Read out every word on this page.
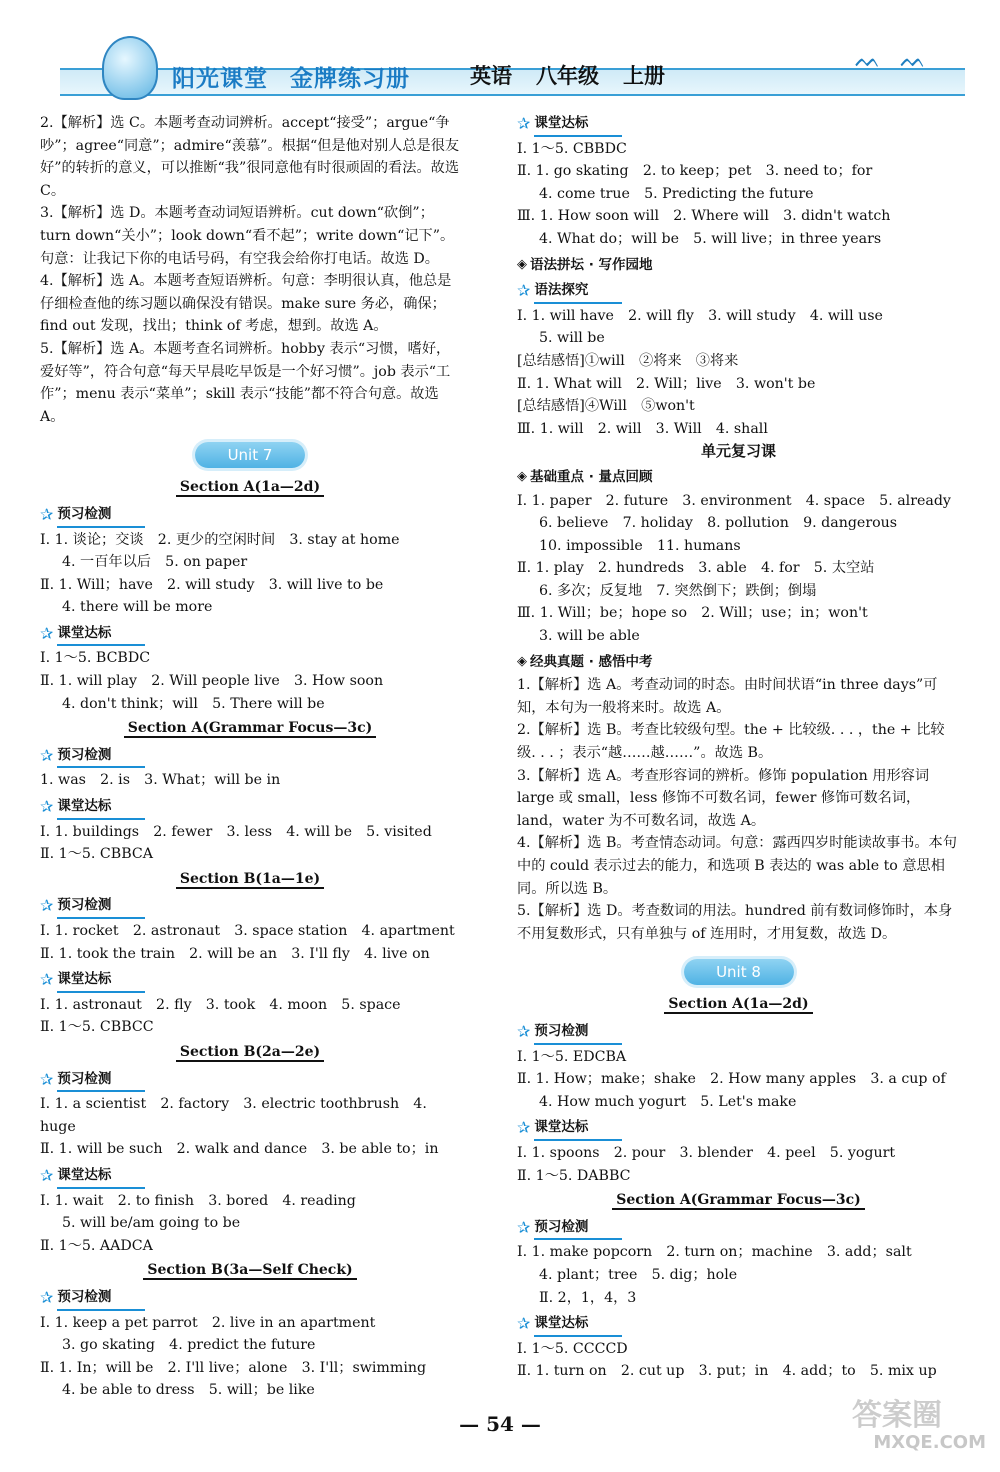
阳光课堂 金牌练习册	英语 八年级 上册
ᨓ ᨓ

2.【解析】选 C。本题考查动词辨析。accept“接受”；argue“争吵”；agree“同意”；admire“羡慕”。根据“但是他对别人总是很友好”的转折的意义，可以推断“我”很同意他有时很顽固的看法。故选 C。

3.【解析】选 D。本题考查动词短语辨析。cut down“砍倒”；turn down“关小”；look down“看不起”；write down“记下”。句意：让我记下你的电话号码，有空我会给你打电话。故选 D。

4.【解析】选 A。本题考查短语辨析。句意：李明很认真，他总是仔细检查他的练习题以确保没有错误。make sure 务必，确保；find out 发现，找出；think of 考虑，想到。故选 A。

5.【解析】选 A。本题考查名词辨析。hobby 表示“习惯，嗜好，爱好等”，符合句意“每天早晨吃早饭是一个好习惯”。job 表示“工作”；menu 表示“菜单”；skill 表示“技能”都不符合句意。故选 A。

Unit 7
Section A(1a—2d)
✰ 预习检测

Ⅰ. 1. 谈论；交谈　2. 更少的空闲时间　3. stay at home

4. 一百年以后　5. on paper

Ⅱ. 1. Will；have　2. will study　3. will live to be

4. there will be more

✰ 课堂达标

Ⅰ. 1～5. BCBDC

Ⅱ. 1. will play　2. Will people live　3. How soon

4. don't think；will　5. There will be

Section A(Grammar Focus—3c)
✰ 预习检测

1. was　2. is　3. What；will be in

✰ 课堂达标

Ⅰ. 1. buildings　2. fewer　3. less　4. will be　5. visited

Ⅱ. 1～5. CBBCA

Section B(1a—1e)
✰ 预习检测

Ⅰ. 1. rocket　2. astronaut　3. space station　4. apartment

Ⅱ. 1. took the train　2. will be an　3. I'll fly　4. live on

✰ 课堂达标

Ⅰ. 1. astronaut　2. fly　3. took　4. moon　5. space

Ⅱ. 1～5. CBBCC

Section B(2a—2e)
✰ 预习检测

Ⅰ. 1. a scientist　2. factory　3. electric toothbrush　4. huge

Ⅱ. 1. will be such　2. walk and dance　3. be able to；in

✰ 课堂达标

Ⅰ. 1. wait　2. to finish　3. bored　4. reading

5. will be/am going to be

Ⅱ. 1～5. AADCA

Section B(3a—Self Check)
✰ 预习检测

Ⅰ. 1. keep a pet parrot　2. live in an apartment

3. go skating　4. predict the future

Ⅱ. 1. In；will be　2. I'll live；alone　3. I'll；swimming

4. be able to dress　5. will；be like

✰ 课堂达标

Ⅰ. 1～5. CBBDC

Ⅱ. 1. go skating　2. to keep；pet　3. need to；for

4. come true　5. Predicting the future

Ⅲ. 1. How soon will　2. Where will　3. didn't watch

4. What do；will be　5. will live；in three years

◈ 语法拼坛 · 写作园地
✰ 语法探究

Ⅰ. 1. will have　2. will fly　3. will study　4. will use

5. will be

[总结感悟]①will　②将来　③将来

Ⅱ. 1. What will　2. Will；live　3. won't be

[总结感悟]④Will　⑤won't

Ⅲ. 1. will　2. will　3. Will　4. shall

单元复习课
◈ 基础重点 · 量点回顾

Ⅰ. 1. paper　2. future　3. environment　4. space　5. already

6. believe　7. holiday　8. pollution　9. dangerous

10. impossible　11. humans

Ⅱ. 1. play　2. hundreds　3. able　4. for　5. 太空站

6. 多次；反复地　7. 突然倒下；跌倒；倒塌

Ⅲ. 1. Will；be；hope so　2. Will；use；in；won't

3. will be able

◈ 经典真题 · 感悟中考

1.【解析】选 A。考查动词的时态。由时间状语“in three days”可知，本句为一般将来时。故选 A。

2.【解析】选 B。考查比较级句型。the + 比较级. . . ，the + 比较级. . . ；表示“越……越……”。故选 B。

3.【解析】选 A。考查形容词的辨析。修饰 population 用形容词 large 或 small，less 修饰不可数名词，fewer 修饰可数名词，land，water 为不可数名词，故选 A。

4.【解析】选 B。考查情态动词。句意：露西四岁时能读故事书。本句中的 could 表示过去的能力，和选项 B 表达的 was able to 意思相同。所以选 B。

5.【解析】选 D。考查数词的用法。hundred 前有数词修饰时，本身不用复数形式，只有单独与 of 连用时，才用复数，故选 D。

Unit 8
Section A(1a—2d)
✰ 预习检测

Ⅰ. 1～5. EDCBA

Ⅱ. 1. How；make；shake　2. How many apples　3. a cup of

4. How much yogurt　5. Let's make

✰ 课堂达标

Ⅰ. 1. spoons　2. pour　3. blender　4. peel　5. yogurt

Ⅱ. 1～5. DABBC

Section A(Grammar Focus—3c)
✰ 预习检测

Ⅰ. 1. make popcorn　2. turn on；machine　3. add；salt

4. plant；tree　5. dig；hole

Ⅱ. 2，1，4，3

✰ 课堂达标

Ⅰ. 1～5. CCCCD

Ⅱ. 1. turn on　2. cut up　3. put；in　4. add；to　5. mix up

— 54 —	答案圈
MXQE.COM
